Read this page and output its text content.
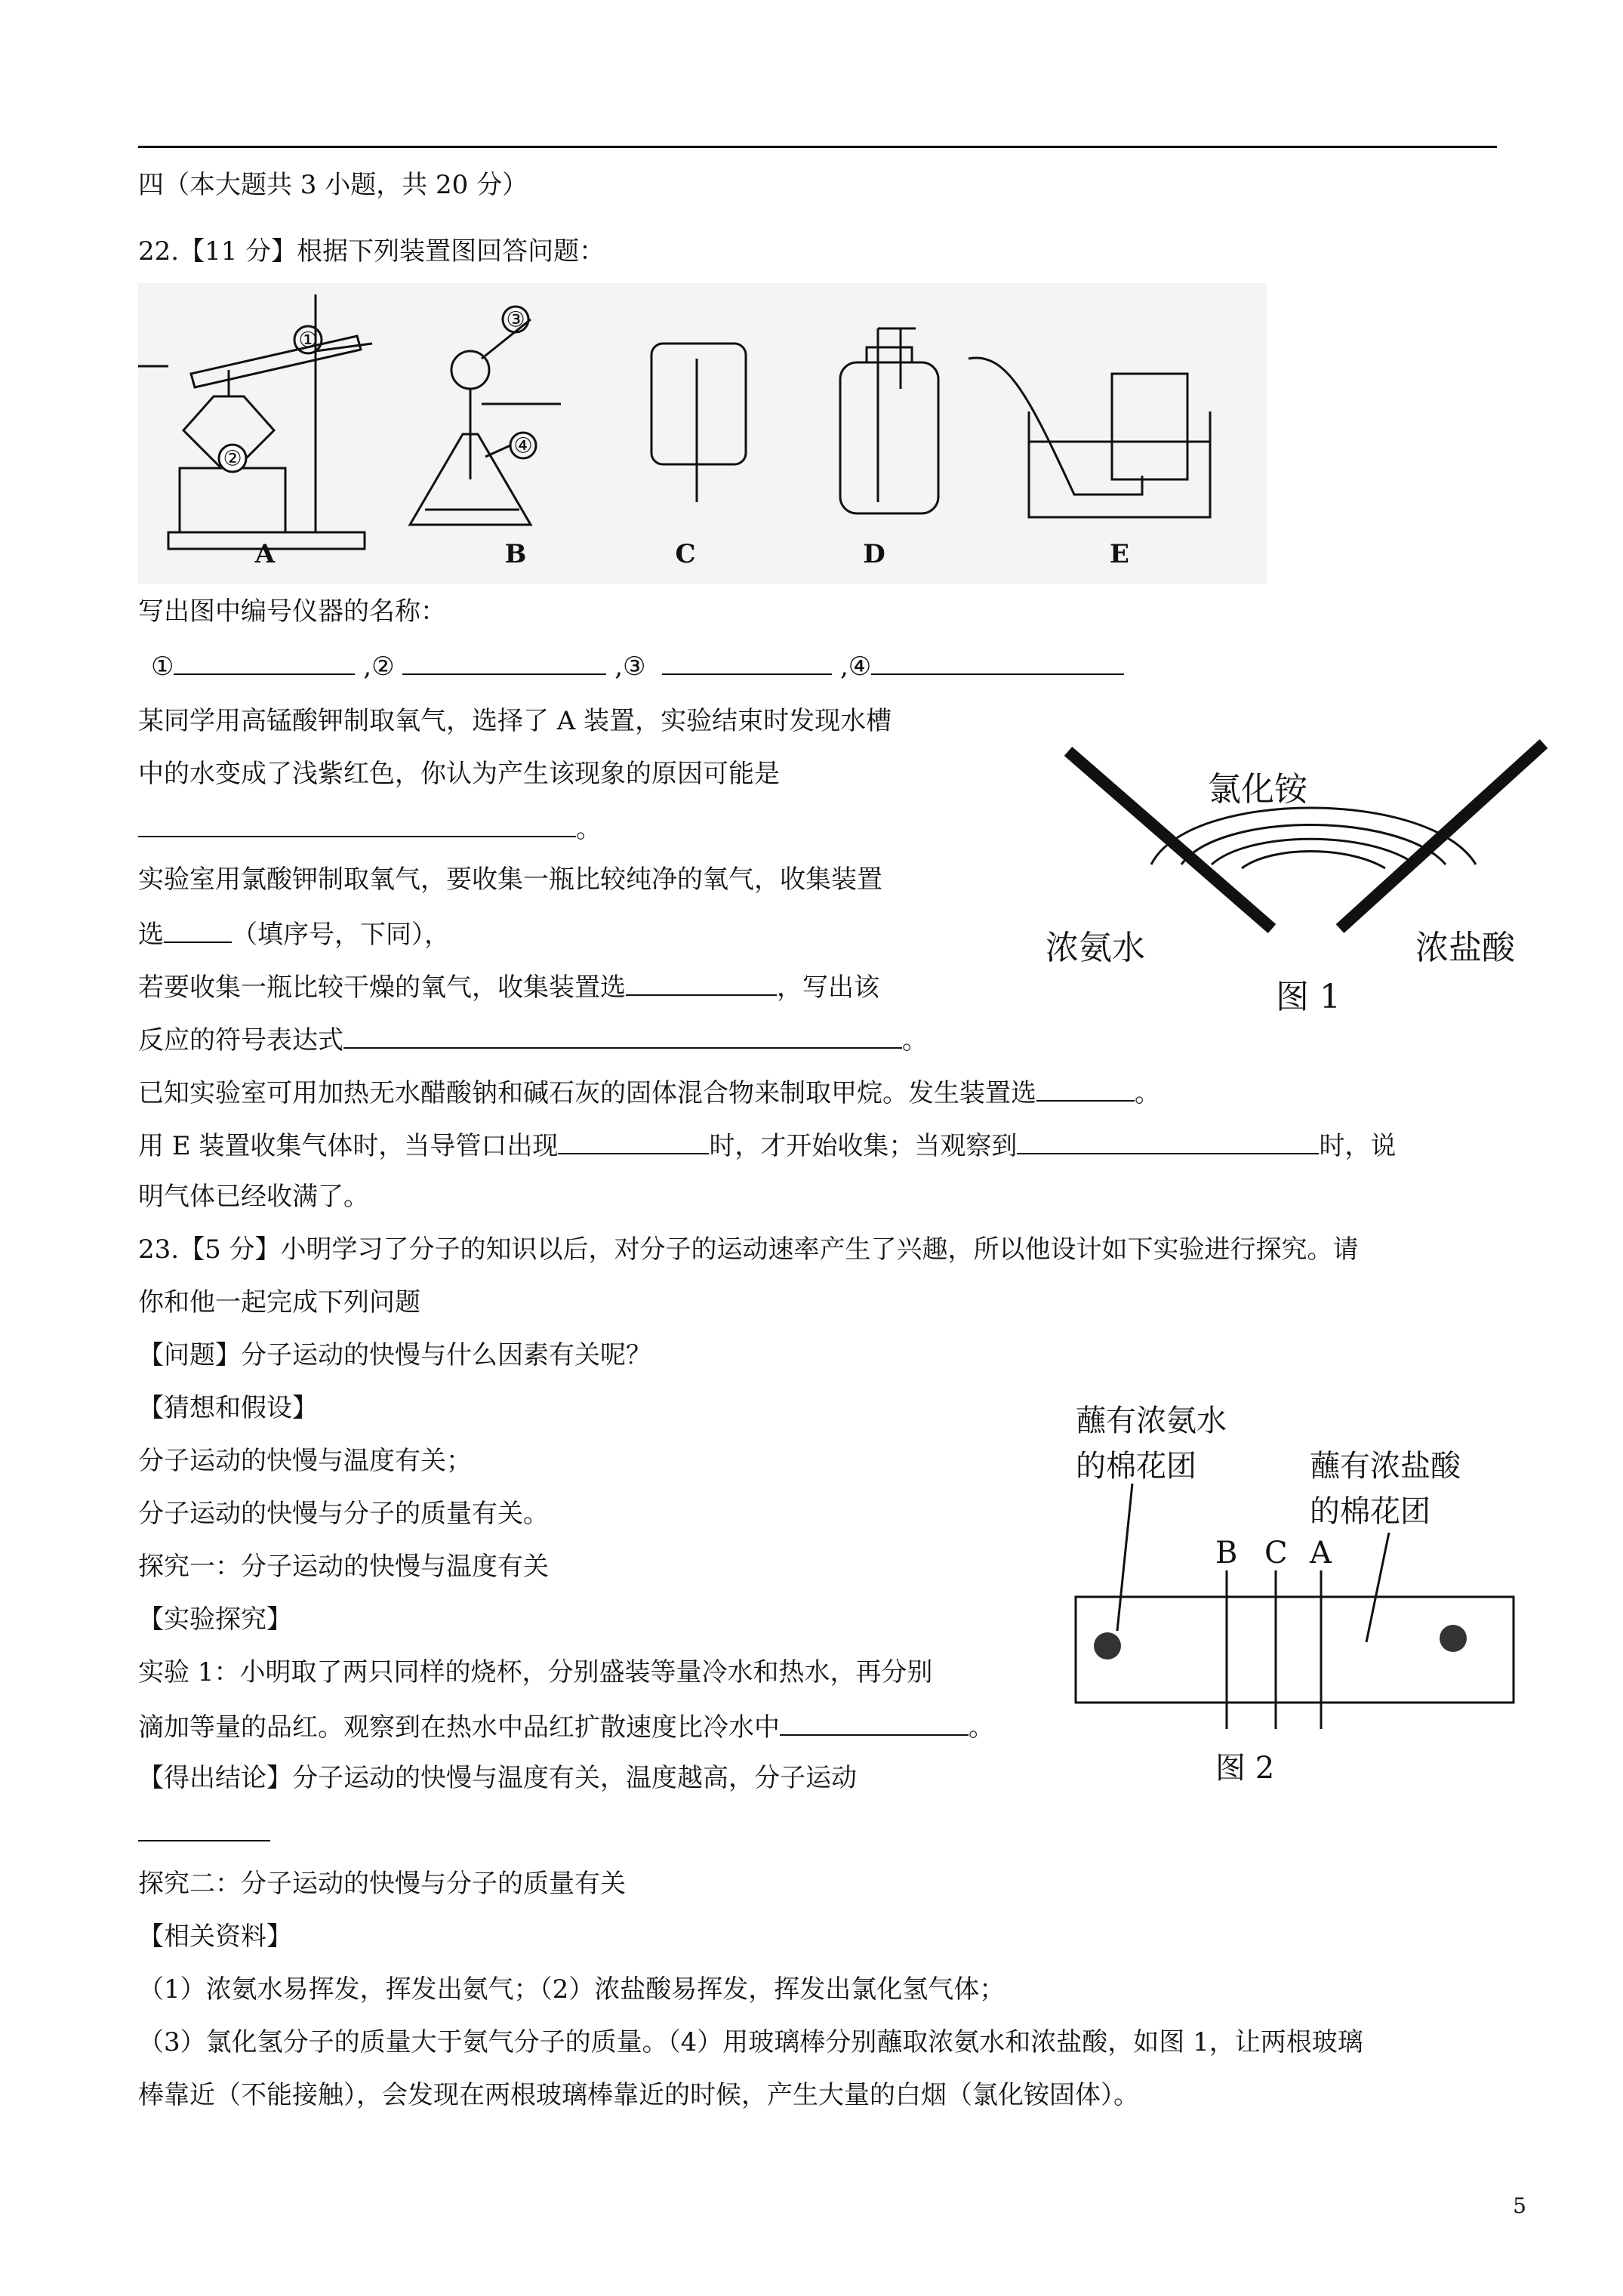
四（本大题共 3 小题，共 20 分）
22.【11 分】根据下列装置图回答问题：
A	B	C	D	E
①
②
③
④
写出图中编号仪器的名称：
①	,②	,③	,④
某同学用高锰酸钾制取氧气，选择了 A 装置，实验结束时发现水槽
中的水变成了浅紫红色，你认为产生该现象的原因可能是
。
实验室用氯酸钾制取氧气，要收集一瓶比较纯净的氧气，收集装置
选	（填序号，下同），
若要收集一瓶比较干燥的氧气，收集装置选	，写出该
反应的符号表达式	。
已知实验室可用加热无水醋酸钠和碱石灰的固体混合物来制取甲烷。发生装置选	。
用 E 装置收集气体时，当导管口出现	时，才开始收集；当观察到	时，说
明气体已经收满了。
氯化铵
浓氨水	浓盐酸
图 1
23.【5 分】小明学习了分子的知识以后，对分子的运动速率产生了兴趣，所以他设计如下实验进行探究。请
你和他一起完成下列问题
【问题】分子运动的快慢与什么因素有关呢？
【猜想和假设】
分子运动的快慢与温度有关；
分子运动的快慢与分子的质量有关。
探究一：分子运动的快慢与温度有关
【实验探究】
实验 1：小明取了两只同样的烧杯，分别盛装等量冷水和热水，再分别
滴加等量的品红。观察到在热水中品红扩散速度比冷水中	。
【得出结论】分子运动的快慢与温度有关，温度越高，分子运动
探究二：分子运动的快慢与分子的质量有关
【相关资料】
（1）浓氨水易挥发，挥发出氨气；（2）浓盐酸易挥发，挥发出氯化氢气体；
（3）氯化氢分子的质量大于氨气分子的质量。（4）用玻璃棒分别蘸取浓氨水和浓盐酸，如图 1，让两根玻璃
棒靠近（不能接触），会发现在两根玻璃棒靠近的时候，产生大量的白烟（氯化铵固体）。
蘸有浓氨水
的棉花团	蘸有浓盐酸
的棉花团
B C A
图 2
5
